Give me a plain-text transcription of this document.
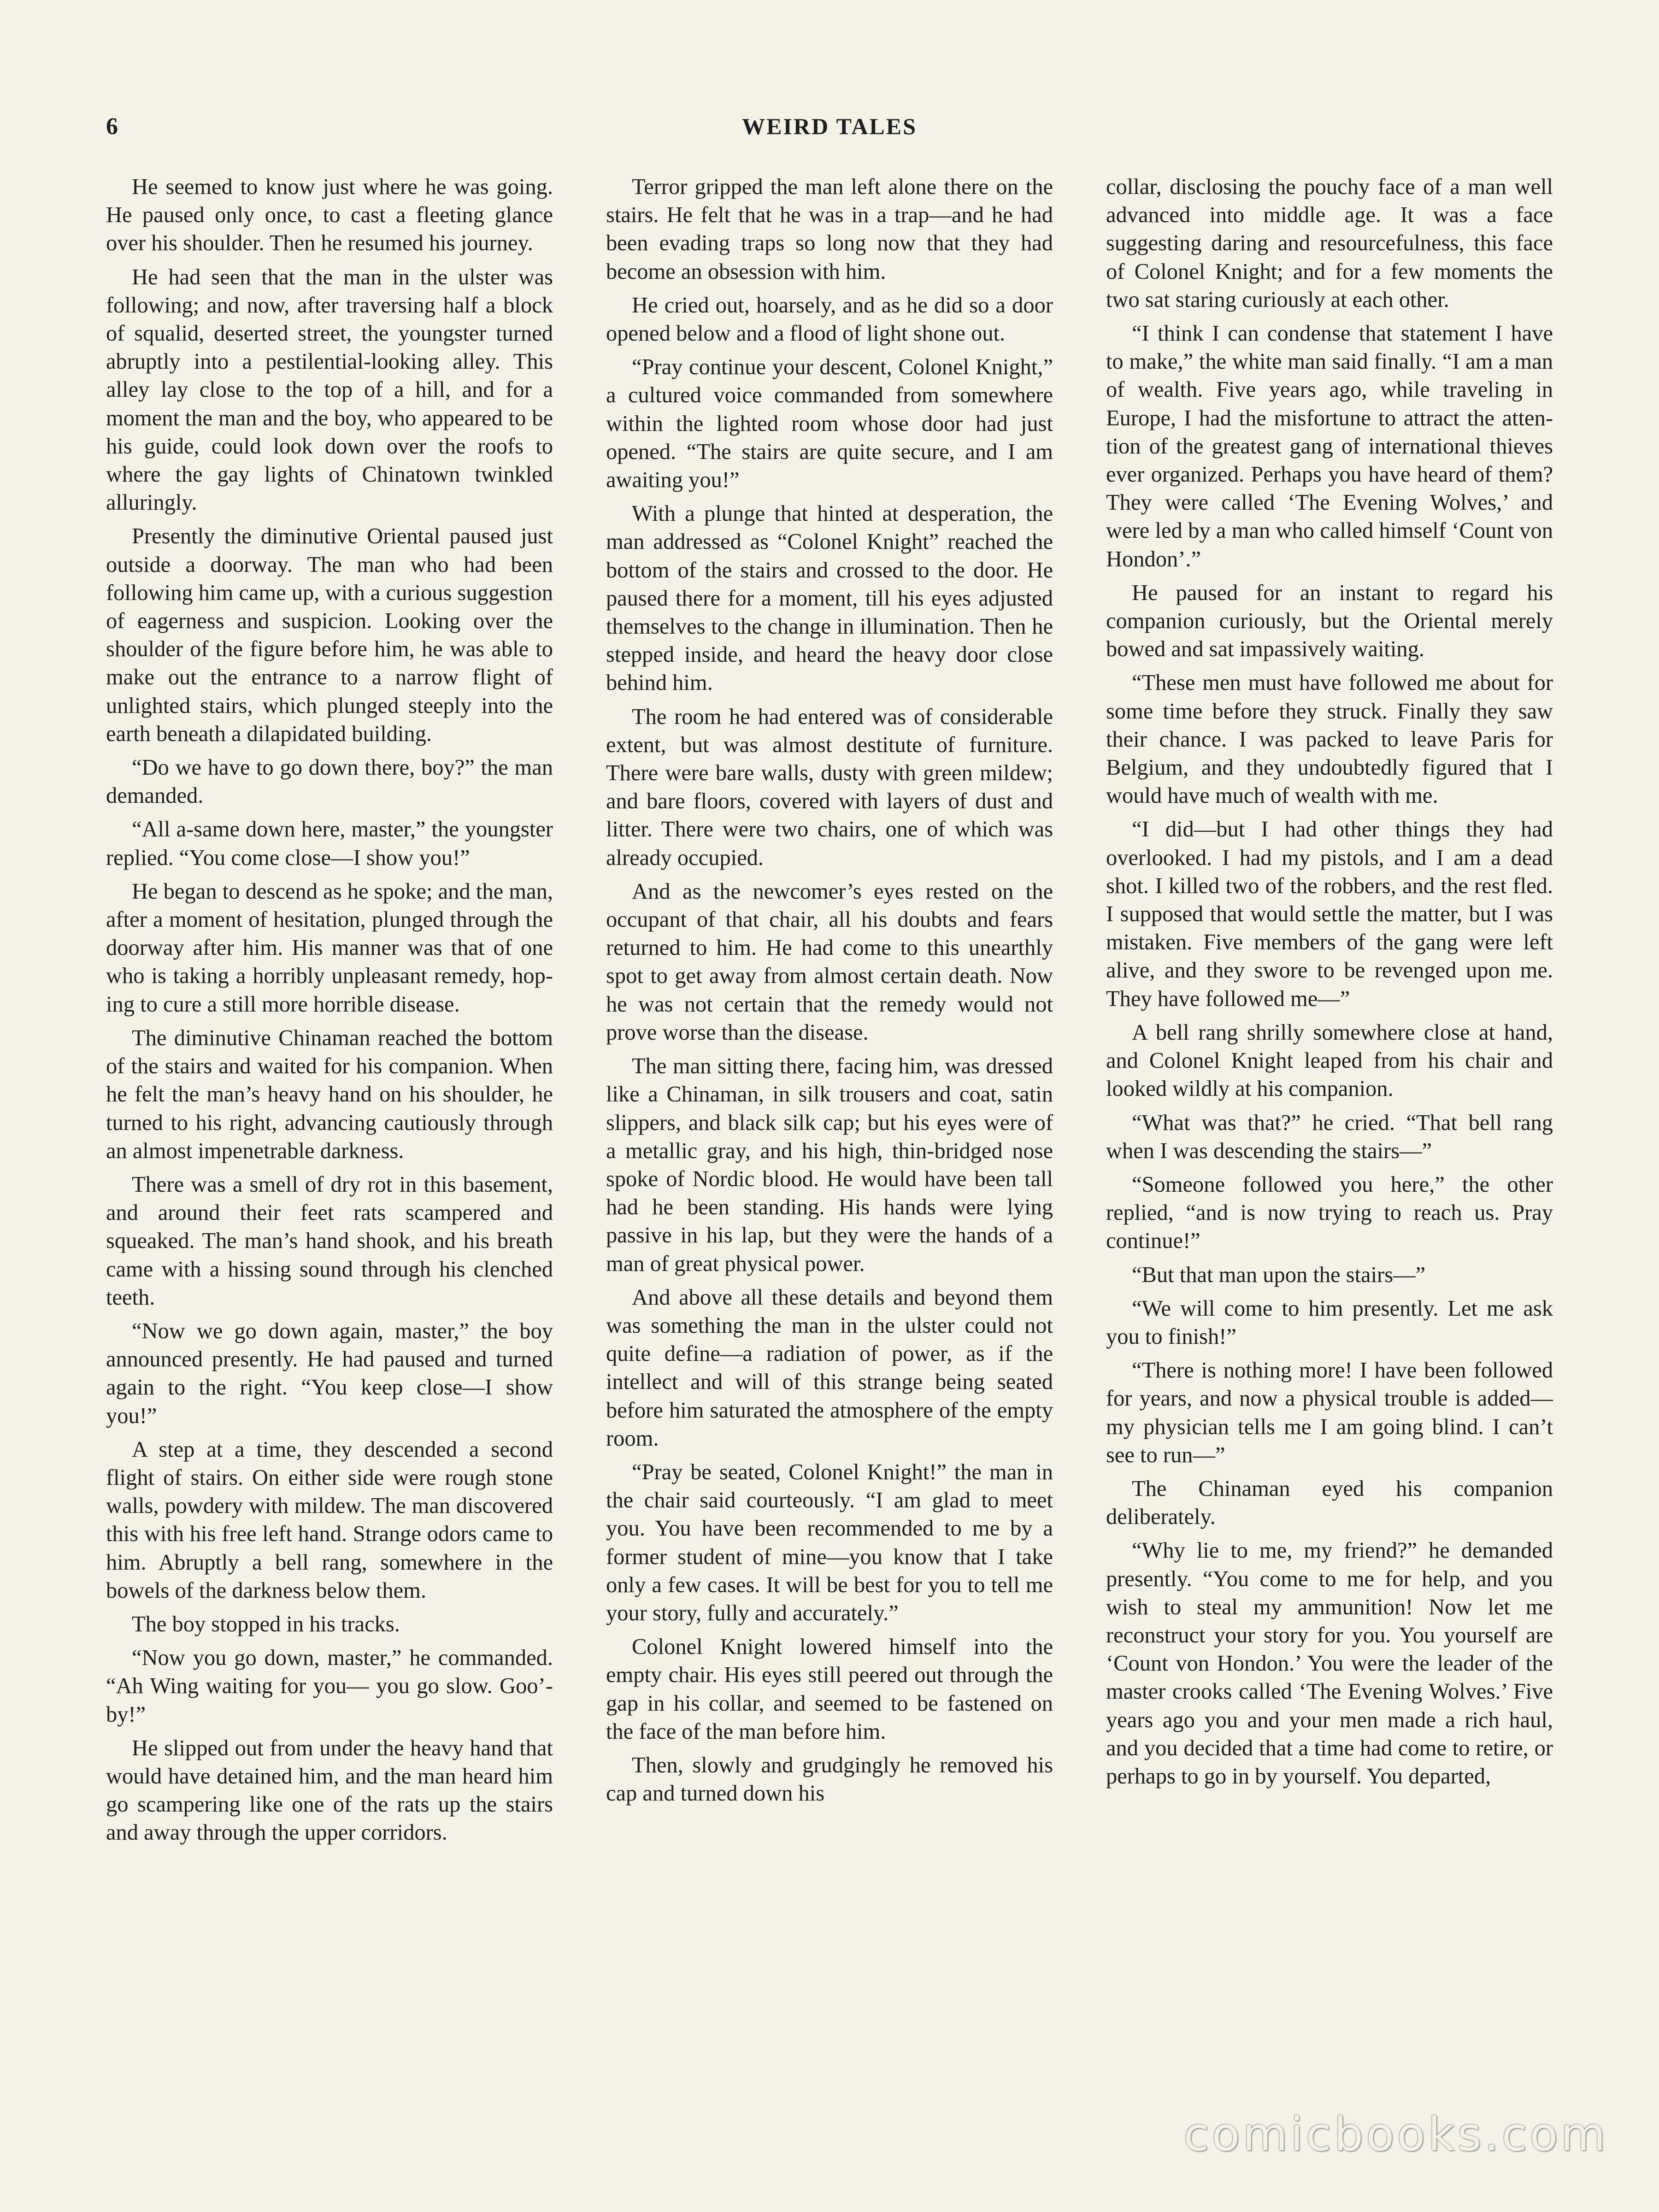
6	WEIRD TALES

He seemed to know just where he was going. He paused only once, to cast a fleeting glance over his shoulder. Then he resumed his journey.

He had seen that the man in the ulster was following; and now, after traversing half a block of squalid, deserted street, the youngster turned abruptly into a pestilential-looking alley. This alley lay close to the top of a hill, and for a moment the man and the boy, who appeared to be his guide, could look down over the roofs to where the gay lights of Chinatown twinkled alluringly.

Presently the diminutive Oriental paused just outside a doorway. The man who had been following him came up, with a curious suggestion of eagerness and suspicion. Looking over the shoulder of the figure before him, he was able to make out the entrance to a narrow flight of unlighted stairs, which plunged steeply into the earth beneath a dilapidated building.

“Do we have to go down there, boy?” the man demanded.

“All a-same down here, master,” the youngster replied. “You come close—I show you!”

He began to descend as he spoke; and the man, after a moment of hesitation, plunged through the doorway after him. His manner was that of one who is taking a horribly unpleasant remedy, hoping to cure a still more horrible disease.

The diminutive Chinaman reached the bottom of the stairs and waited for his companion. When he felt the man’s heavy hand on his shoulder, he turned to his right, advancing cautiously through an almost impenetrable darkness.

There was a smell of dry rot in this basement, and around their feet rats scampered and squeaked. The man’s hand shook, and his breath came with a hissing sound through his clenched teeth.

“Now we go down again, master,” the boy announced presently. He had paused and turned again to the right. “You keep close—I show you!”

A step at a time, they descended a second flight of stairs. On either side were rough stone walls, powdery with mildew. The man discovered this with his free left hand. Strange odors came to him. Abruptly a bell rang, somewhere in the bowels of the darkness below them.

The boy stopped in his tracks.

“Now you go down, master,” he commanded. “Ah Wing waiting for you— you go slow. Goo’-by!”

He slipped out from under the heavy hand that would have detained him, and the man heard him go scampering like one of the rats up the stairs and away through the upper corridors.

Terror gripped the man left alone there on the stairs. He felt that he was in a trap—and he had been evading traps so long now that they had become an obsession with him.

He cried out, hoarsely, and as he did so a door opened below and a flood of light shone out.

“Pray continue your descent, Colonel Knight,” a cultured voice commanded from somewhere within the lighted room whose door had just opened. “The stairs are quite secure, and I am awaiting you!”

With a plunge that hinted at desperation, the man addressed as “Colonel Knight” reached the bottom of the stairs and crossed to the door. He paused there for a moment, till his eyes adjusted themselves to the change in illumination. Then he stepped inside, and heard the heavy door close behind him.

The room he had entered was of considerable extent, but was almost destitute of furniture. There were bare walls, dusty with green mildew; and bare floors, covered with layers of dust and litter. There were two chairs, one of which was already occupied.

And as the newcomer’s eyes rested on the occupant of that chair, all his doubts and fears returned to him. He had come to this unearthly spot to get away from almost certain death. Now he was not certain that the remedy would not prove worse than the disease.

The man sitting there, facing him, was dressed like a Chinaman, in silk trousers and coat, satin slippers, and black silk cap; but his eyes were of a metallic gray, and his high, thin-bridged nose spoke of Nordic blood. He would have been tall had he been standing. His hands were lying passive in his lap, but they were the hands of a man of great physical power.

And above all these details and beyond them was something the man in the ulster could not quite define—a radiation of power, as if the intellect and will of this strange being seated before him saturated the atmosphere of the empty room.

“Pray be seated, Colonel Knight!” the man in the chair said courteously. “I am glad to meet you. You have been recommended to me by a former student of mine—you know that I take only a few cases. It will be best for you to tell me your story, fully and accurately.”

Colonel Knight lowered himself into the empty chair. His eyes still peered out through the gap in his collar, and seemed to be fastened on the face of the man before him.

Then, slowly and grudgingly he removed his cap and turned down his

collar, disclosing the pouchy face of a man well advanced into middle age. It was a face suggesting daring and resourcefulness, this face of Colonel Knight; and for a few moments the two sat staring curiously at each other.

“I think I can condense that statement I have to make,” the white man said finally. “I am a man of wealth. Five years ago, while traveling in Europe, I had the misfortune to attract the attention of the greatest gang of international thieves ever organized. Perhaps you have heard of them? They were called ‘The Evening Wolves,’ and were led by a man who called himself ‘Count von Hondon’.”

He paused for an instant to regard his companion curiously, but the Oriental merely bowed and sat impassively waiting.

“These men must have followed me about for some time before they struck. Finally they saw their chance. I was packed to leave Paris for Belgium, and they undoubtedly figured that I would have much of wealth with me.

“I did—but I had other things they had overlooked. I had my pistols, and I am a dead shot. I killed two of the robbers, and the rest fled. I supposed that would settle the matter, but I was mistaken. Five members of the gang were left alive, and they swore to be revenged upon me. They have followed me—”

A bell rang shrilly somewhere close at hand, and Colonel Knight leaped from his chair and looked wildly at his companion.

“What was that?” he cried. “That bell rang when I was descending the stairs—”

“Someone followed you here,” the other replied, “and is now trying to reach us. Pray continue!”

“But that man upon the stairs—”

“We will come to him presently. Let me ask you to finish!”

“There is nothing more! I have been followed for years, and now a physical trouble is added—my physician tells me I am going blind. I can’t see to run—”

The Chinaman eyed his companion deliberately.

“Why lie to me, my friend?” he demanded presently. “You come to me for help, and you wish to steal my ammunition! Now let me reconstruct your story for you. You yourself are ‘Count von Hondon.’ You were the leader of the master crooks called ‘The Evening Wolves.’ Five years ago you and your men made a rich haul, and you decided that a time had come to retire, or perhaps to go in by yourself. You departed,

comicbooks.com
